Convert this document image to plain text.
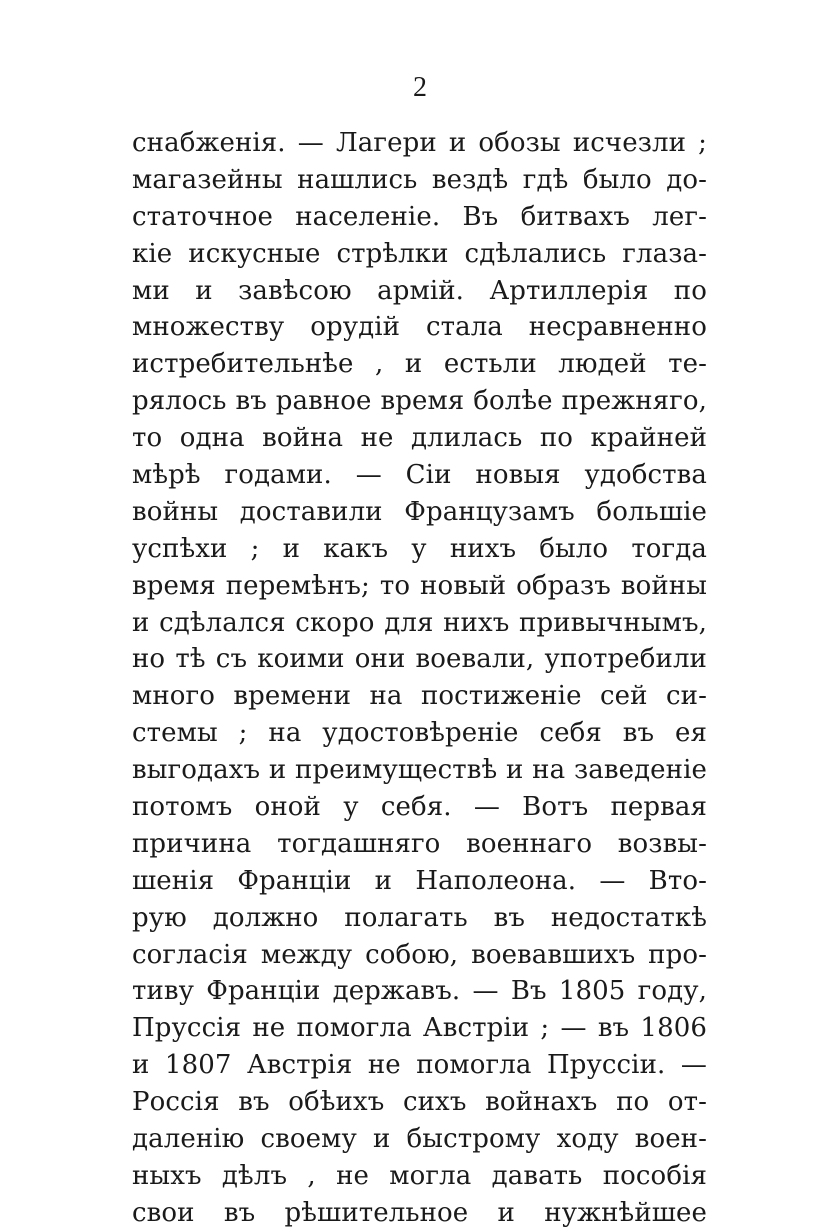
2
снабженія. — Лагери и обозы исчезли ;
магазейны нашлись вездѣ гдѣ было до-
статочное населеніе. Въ битвахъ лег-
кіе искусные стрѣлки сдѣлались глаза-
ми и завѣсою армій. Артиллерія по
множеству орудій стала несравненно
истребительнѣе , и естьли людей те-
рялось въ равное время болѣе прежняго,
то одна война не длилась по крайней
мѣрѣ годами. — Сіи новыя удобства
войны доставили Французамъ большіе
успѣхи ; и какъ у нихъ было тогда
время перемѣнъ; то новый образъ войны
и сдѣлался скоро для нихъ привычнымъ,
но тѣ съ коими они воевали, употребили
много времени на постиженіе сей си-
стемы ; на удостовѣреніе себя въ ея
выгодахъ и преимуществѣ и на заведеніе
потомъ оной у себя. — Вотъ первая
причина тогдашняго военнаго возвы-
шенія Франціи и Наполеона. — Вто-
рую должно полагать въ недостаткѣ
согласія между собою, воевавшихъ про-
тиву Франціи державъ. — Въ 1805 году,
Пруссія не помогла Австріи ; — въ 1806
и 1807 Австрія не помогла Пруссіи. —
Россія въ обѣихъ сихъ войнахъ по от-
даленію своему и быстрому ходу воен-
ныхъ дѣлъ , не могла давать пособія
свои въ рѣшительное и нужнѣйшее
